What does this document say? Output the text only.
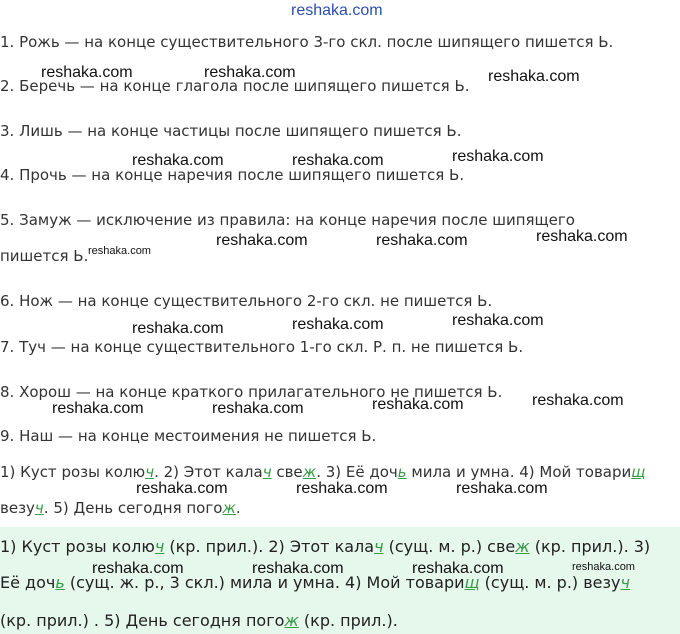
reshaka.com
1. Рожь — на конце существительного 3-го скл. после шипящего пишется Ь.
2. Беречь — на конце глагола после шипящего пишется Ь.
3. Лишь — на конце частицы после шипящего пишется Ь.
4. Прочь — на конце наречия после шипящего пишется Ь.
5. Замуж — исключение из правила: на конце наречия после шипящего
пишется Ь.
6. Нож — на конце существительного 2-го скл. не пишется Ь.
7. Туч — на конце существительного 1-го скл. Р. п. не пишется Ь.
8. Хорош — на конце краткого прилагательного не пишется Ь.
9. Наш — на конце местоимения не пишется Ь.
1) Куст розы колюч. 2) Этот калач свеж. 3) Её дочь мила и умна. 4) Мой товарищ
везуч. 5) День сегодня погож.
1) Куст розы колюч (кр. прил.). 2) Этот калач (сущ. м. р.) свеж (кр. прил.). 3)
Её дочь (сущ. ж. р., 3 скл.) мила и умна. 4) Мой товарищ (сущ. м. р.) везуч
(кр. прил.) . 5) День сегодня погож (кр. прил.).
reshaka.com	reshaka.com	reshaka.com
reshaka.com	reshaka.com	reshaka.com
reshaka.com
reshaka.com	reshaka.com	reshaka.com
reshaka.com	reshaka.com	reshaka.com
reshaka.com	reshaka.com	reshaka.com	reshaka.com
reshaka.com	reshaka.com	reshaka.com
reshaka.com	reshaka.com	reshaka.com	reshaka.com
